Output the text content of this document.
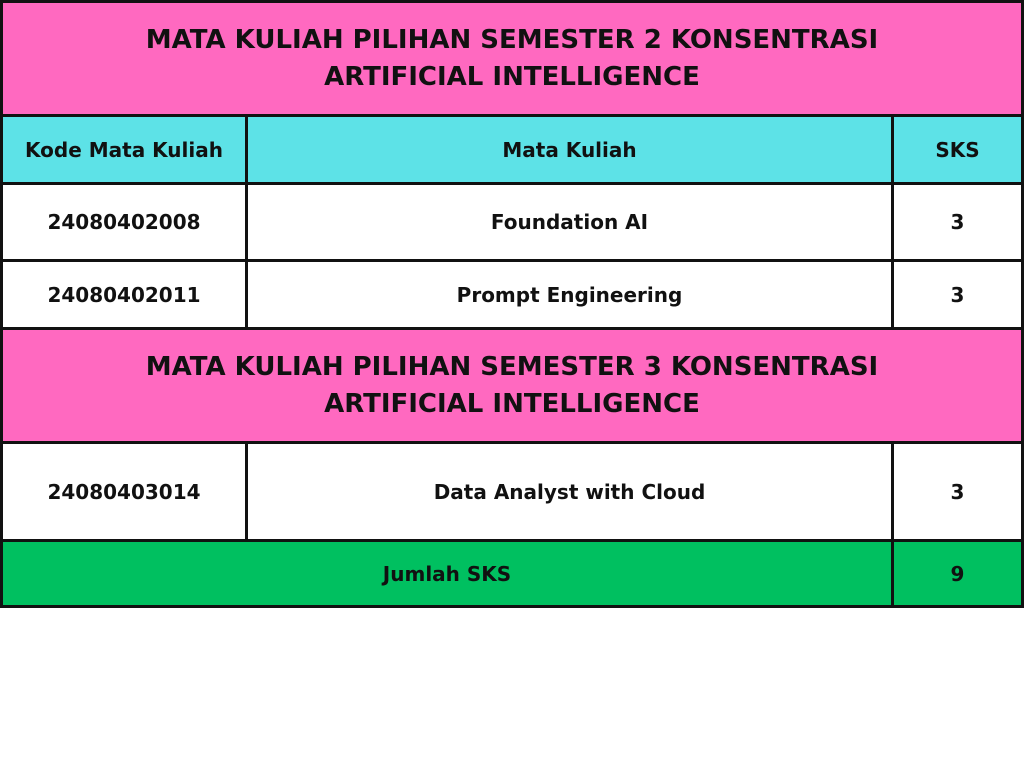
MATA KULIAH PILIHAN SEMESTER 2 KONSENTRASI ARTIFICIAL INTELLIGENCE
Kode Mata Kuliah	Mata Kuliah	SKS
24080402008	Foundation AI	3
24080402011	Prompt Engineering	3
MATA KULIAH PILIHAN SEMESTER 3 KONSENTRASI ARTIFICIAL INTELLIGENCE
24080403014	Data Analyst with Cloud	3
Jumlah SKS	9
